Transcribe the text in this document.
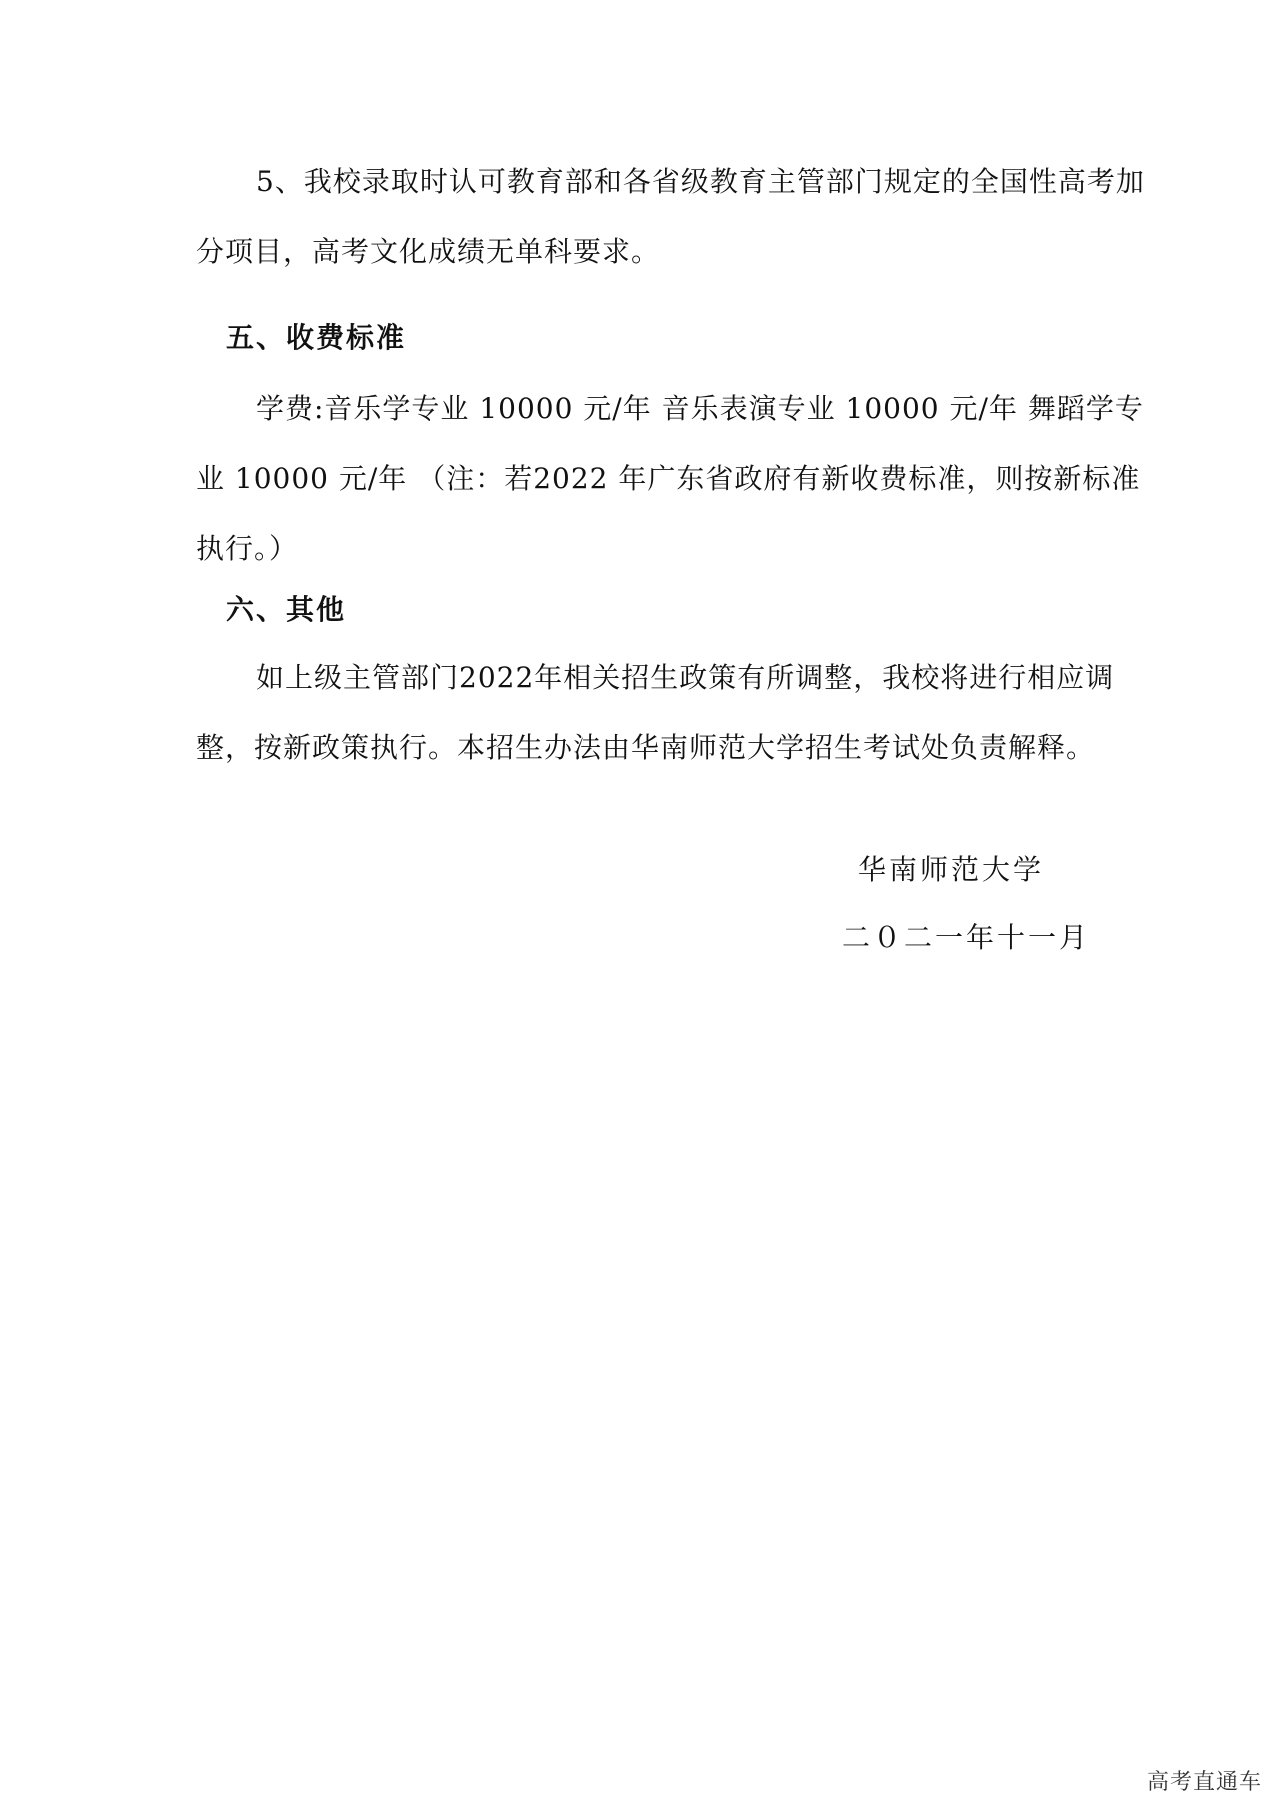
5、我校录取时认可教育部和各省级教育主管部门规定的全国性高考加分项目，高考文化成绩无单科要求。

五、收费标准

学费:音乐学专业 10000 元/年 音乐表演专业 10000 元/年 舞蹈学专业 10000 元/年 （注：若2022 年广东省政府有新收费标准，则按新标准执行。）

六、其他

如上级主管部门2022年相关招生政策有所调整，我校将进行相应调整，按新政策执行。本招生办法由华南师范大学招生考试处负责解释。

华南师范大学

二０二一年十一月

高考直通车
